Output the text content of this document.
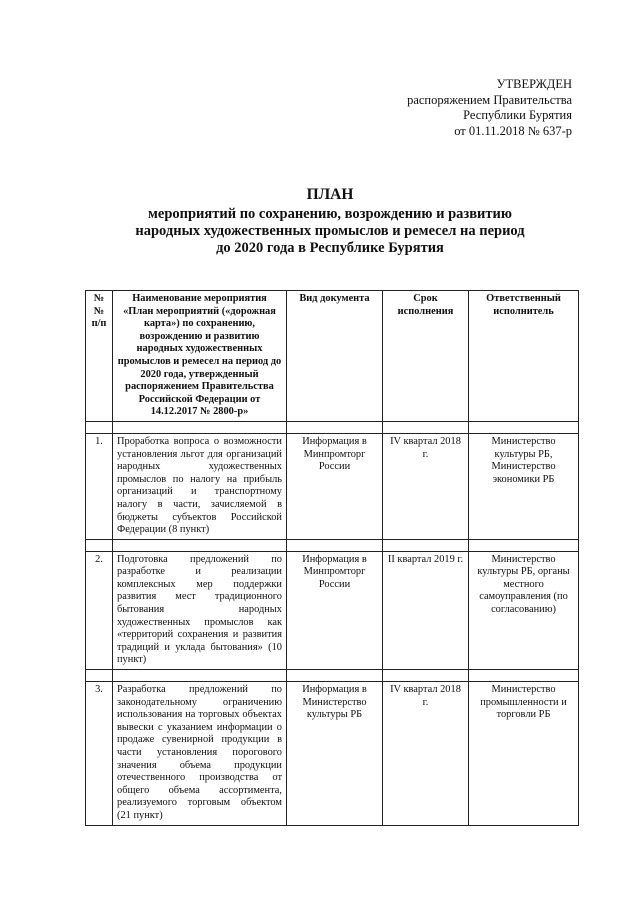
УТВЕРЖДЕН
распоряжением Правительства
Республики Бурятия
от 01.11.2018 № 637-р
ПЛАН
мероприятий по сохранению, возрождению и развитию
народных художественных промыслов и ремесел на период
до 2020 года в Республике Бурятия
№№ п/п	Наименование мероприятия «План мероприятий («дорожная карта») по сохранению, возрождению и развитию народных художественных промыслов и ремесел на период до 2020 года, утвержденный распоряжением Правительства Российской Федерации от 14.12.2017 № 2800-р»	Вид документа	Срок исполнения	Ответственный исполнитель

1.	Проработка вопроса о возможности установления льгот для организаций народных художественных промыслов по налогу на прибыль организаций и транспортному налогу в части, зачисляемой в бюджеты субъектов Российской Федерации (8 пункт)	Информация в Минпромторг России	IV квартал 2018 г.	Министерство культуры РБ, Министерство экономики РБ

2.	Подготовка предложений по разработке и реализации комплексных мер поддержки развития мест традиционного бытования народных художественных промыслов как «территорий сохранения и развития традиций и уклада бытования» (10 пункт)	Информация в Минпромторг России	II квартал 2019 г.	Министерство культуры РБ, органы местного самоуправления (по согласованию)

3.	Разработка предложений по законодательному ограничению использования на торговых объектах вывески с указанием информации о продаже сувенирной продукции в части установления порогового значения объема продукции отечественного производства от общего объема ассортимента, реализуемого торговым объектом (21 пункт)	Информация в Министерство культуры РБ	IV квартал 2018 г.	Министерство промышленности и торговли РБ
